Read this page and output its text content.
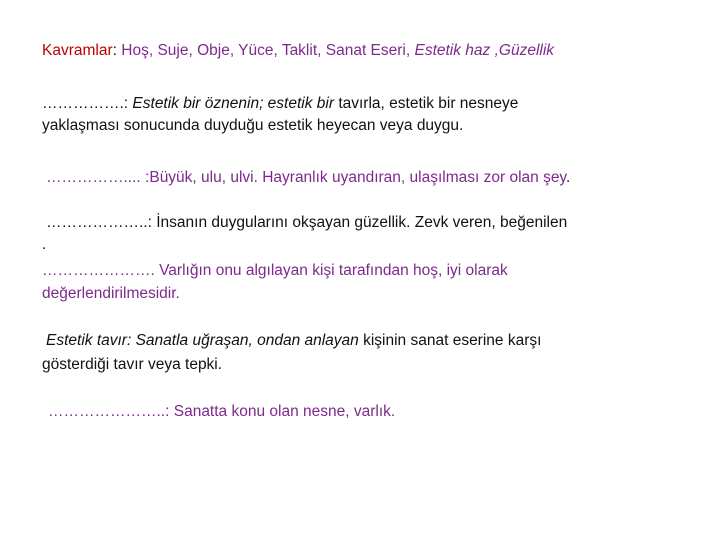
Kavramlar: Hoş, Suje, Obje, Yüce, Taklit, Sanat Eseri, Estetik haz ,Güzellik
…………….: Estetik bir öznenin; estetik bir tavırla, estetik bir nesneye
yaklaşması sonucunda duyduğu estetik heyecan veya duygu.
…………….... :Büyük, ulu, ulvi. Hayranlık uyandıran, ulaşılması zor olan şey.
………………..: İnsanın duygularını okşayan güzellik. Zevk veren, beğenilen
.
…………………. Varlığın onu algılayan kişi tarafından hoş, iyi olarak
değerlendirilmesidir.
Estetik tavır: Sanatla uğraşan, ondan anlayan kişinin sanat eserine karşı
gösterdiği tavır veya tepki.
…………………..: Sanatta konu olan nesne, varlık.
